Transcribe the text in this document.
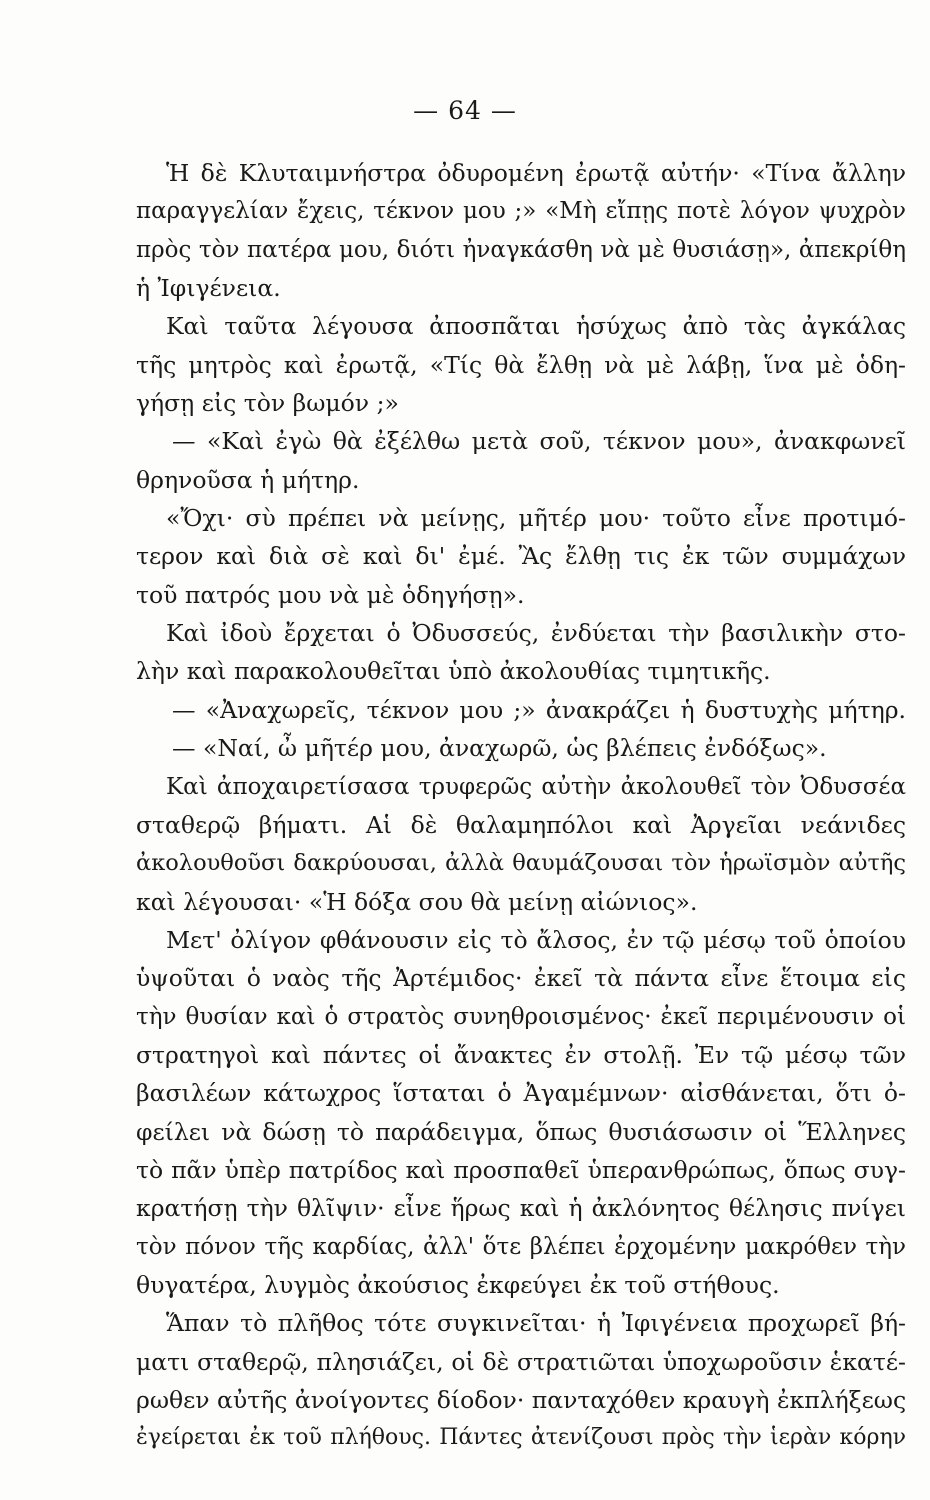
— 64 —
Ἡ δὲ Κλυταιμνήστρα ὀδυρομένη ἐρωτᾷ αὐτήν· «Τίνα ἄλλην
παραγγελίαν ἔχεις, τέκνον μου ;» «Μὴ εἴπῃς ποτὲ λόγον ψυχρὸν
πρὸς τὸν πατέρα μου, διότι ἠναγκάσθη νὰ μὲ θυσιάσῃ», ἀπεκρίθη
ἡ Ἰφιγένεια.
Καὶ ταῦτα λέγουσα ἀποσπᾶται ἡσύχως ἀπὸ τὰς ἀγκάλας
τῆς μητρὸς καὶ ἐρωτᾷ, «Τίς θὰ ἔλθῃ νὰ μὲ λάβῃ, ἵνα μὲ ὁδη-
γήσῃ εἰς τὸν βωμόν ;»
— «Καὶ ἐγὼ θὰ ἐξέλθω μετὰ σοῦ, τέκνον μου», ἀνακφωνεῖ
θρηνοῦσα ἡ μήτηρ.
«Ὄχι· σὺ πρέπει νὰ μείνῃς, μῆτέρ μου· τοῦτο εἶνε προτιμό-
τερον καὶ διὰ σὲ καὶ δι' ἐμέ. Ἂς ἔλθῃ τις ἐκ τῶν συμμάχων
τοῦ πατρός μου νὰ μὲ ὁδηγήσῃ».
Καὶ ἰδοὺ ἔρχεται ὁ Ὀδυσσεύς, ἐνδύεται τὴν βασιλικὴν στο-
λὴν καὶ παρακολουθεῖται ὑπὸ ἀκολουθίας τιμητικῆς.
— «Ἀναχωρεῖς, τέκνον μου ;» ἀνακράζει ἡ δυστυχὴς μήτηρ.
— «Ναί, ὦ μῆτέρ μου, ἀναχωρῶ, ὡς βλέπεις ἐνδόξως».
Καὶ ἀποχαιρετίσασα τρυφερῶς αὐτὴν ἀκολουθεῖ τὸν Ὀδυσσέα
σταθερῷ βήματι. Αἱ δὲ θαλαμηπόλοι καὶ Ἀργεῖαι νεάνιδες
ἀκολουθοῦσι δακρύουσαι, ἀλλὰ θαυμάζουσαι τὸν ἡρωϊσμὸν αὐτῆς
καὶ λέγουσαι· «Ἡ δόξα σου θὰ μείνῃ αἰώνιος».
Μετ' ὀλίγον φθάνουσιν εἰς τὸ ἄλσος, ἐν τῷ μέσῳ τοῦ ὁποίου
ὑψοῦται ὁ ναὸς τῆς Ἀρτέμιδος· ἐκεῖ τὰ πάντα εἶνε ἕτοιμα εἰς
τὴν θυσίαν καὶ ὁ στρατὸς συνηθροισμένος· ἐκεῖ περιμένουσιν οἱ
στρατηγοὶ καὶ πάντες οἱ ἄνακτες ἐν στολῇ. Ἐν τῷ μέσῳ τῶν
βασιλέων κάτωχρος ἵσταται ὁ Ἀγαμέμνων· αἰσθάνεται, ὅτι ὀ-
φείλει νὰ δώσῃ τὸ παράδειγμα, ὅπως θυσιάσωσιν οἱ Ἕλληνες
τὸ πᾶν ὑπὲρ πατρίδος καὶ προσπαθεῖ ὑπερανθρώπως, ὅπως συγ-
κρατήσῃ τὴν θλῖψιν· εἶνε ἥρως καὶ ἡ ἀκλόνητος θέλησις πνίγει
τὸν πόνον τῆς καρδίας, ἀλλ' ὅτε βλέπει ἐρχομένην μακρόθεν τὴν
θυγατέρα, λυγμὸς ἀκούσιος ἐκφεύγει ἐκ τοῦ στήθους.
Ἅπαν τὸ πλῆθος τότε συγκινεῖται· ἡ Ἰφιγένεια προχωρεῖ βή-
ματι σταθερῷ, πλησιάζει, οἱ δὲ στρατιῶται ὑποχωροῦσιν ἑκατέ-
ρωθεν αὐτῆς ἀνοίγοντες δίοδον· πανταχόθεν κραυγὴ ἐκπλήξεως
ἐγείρεται ἐκ τοῦ πλήθους. Πάντες ἀτενίζουσι πρὸς τὴν ἱερὰν κόρην
